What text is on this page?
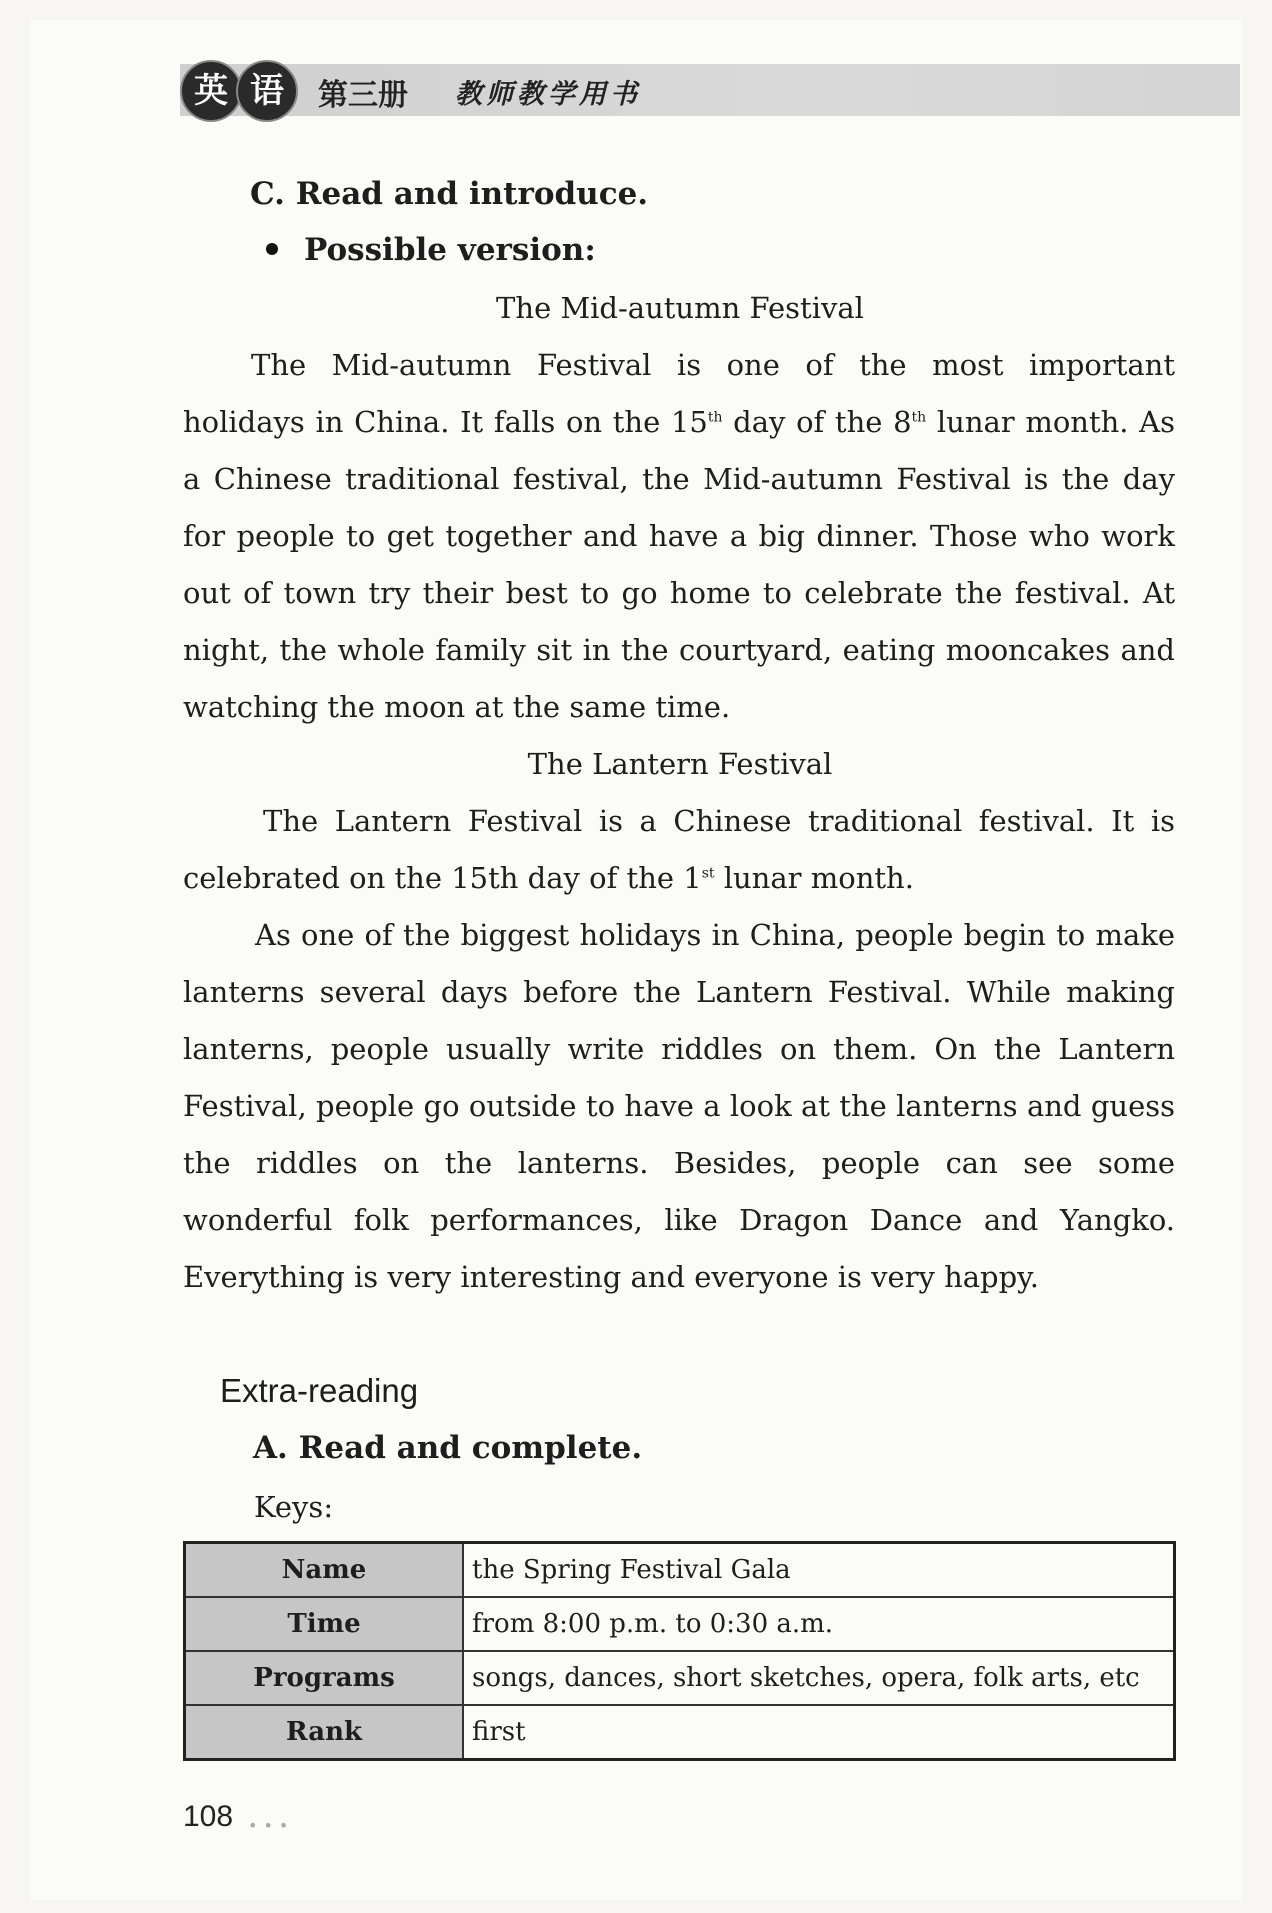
英 语	第三册 教师教学用书
C. Read and introduce.
Possible version:
The Mid-autumn Festival

The Mid-autumn Festival is one of the most important holidays in China. It falls on the 15th day of the 8th lunar month. As a Chinese traditional festival, the Mid-autumn Festival is the day for people to get together and have a big dinner. Those who work out of town try their best to go home to celebrate the festival. At night, the whole family sit in the courtyard, eating mooncakes and watching the moon at the same time.

The Lantern Festival

The Lantern Festival is a Chinese traditional festival. It is celebrated on the 15th day of the 1st lunar month.

As one of the biggest holidays in China, people begin to make lanterns several days before the Lantern Festival. While making lanterns, people usually write riddles on them. On the Lantern Festival, people go outside to have a look at the lanterns and guess the riddles on the lanterns. Besides, people can see some wonderful folk performances, like Dragon Dance and Yangko. Everything is very interesting and everyone is very happy.

Extra-reading
A. Read and complete.
Keys:
Name	the Spring Festival Gala
Time	from 8:00 p.m. to 0:30 a.m.
Programs	songs, dances, short sketches, opera, folk arts, etc
Rank	first
108 •••
